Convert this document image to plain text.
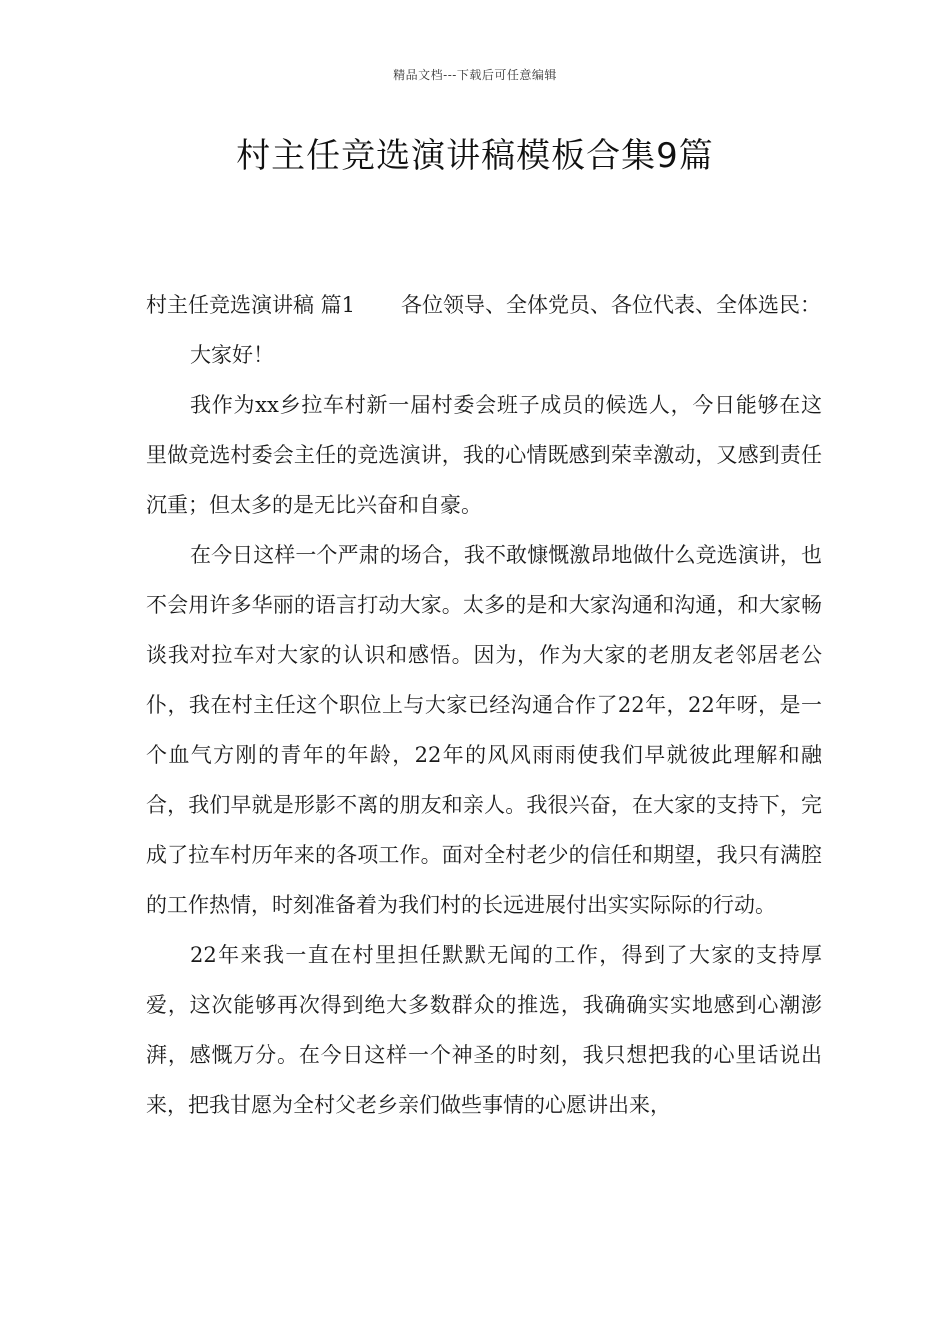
精品文档---下载后可任意编辑
村主任竞选演讲稿模板合集9篇

村主任竞选演讲稿 篇1 各位领导、全体党员、各位代表、全体选民：

大家好！

我作为xx乡拉车村新一届村委会班子成员的候选人，今日能够在这里做竞选村委会主任的竞选演讲，我的心情既感到荣幸激动，又感到责任沉重；但太多的是无比兴奋和自豪。

在今日这样一个严肃的场合，我不敢慷慨激昂地做什么竞选演讲，也不会用许多华丽的语言打动大家。太多的是和大家沟通和沟通，和大家畅谈我对拉车对大家的认识和感悟。因为，作为大家的老朋友老邻居老公仆，我在村主任这个职位上与大家已经沟通合作了22年，22年呀，是一个血气方刚的青年的年龄，22年的风风雨雨使我们早就彼此理解和融合，我们早就是形影不离的朋友和亲人。我很兴奋，在大家的支持下，完成了拉车村历年来的各项工作。面对全村老少的信任和期望，我只有满腔的工作热情，时刻准备着为我们村的长远进展付出实实际际的行动。

22年来我一直在村里担任默默无闻的工作，得到了大家的支持厚爱，这次能够再次得到绝大多数群众的推选，我确确实实地感到心潮澎湃，感慨万分。在今日这样一个神圣的时刻，我只想把我的心里话说出来，把我甘愿为全村父老乡亲们做些事情的心愿讲出来，
